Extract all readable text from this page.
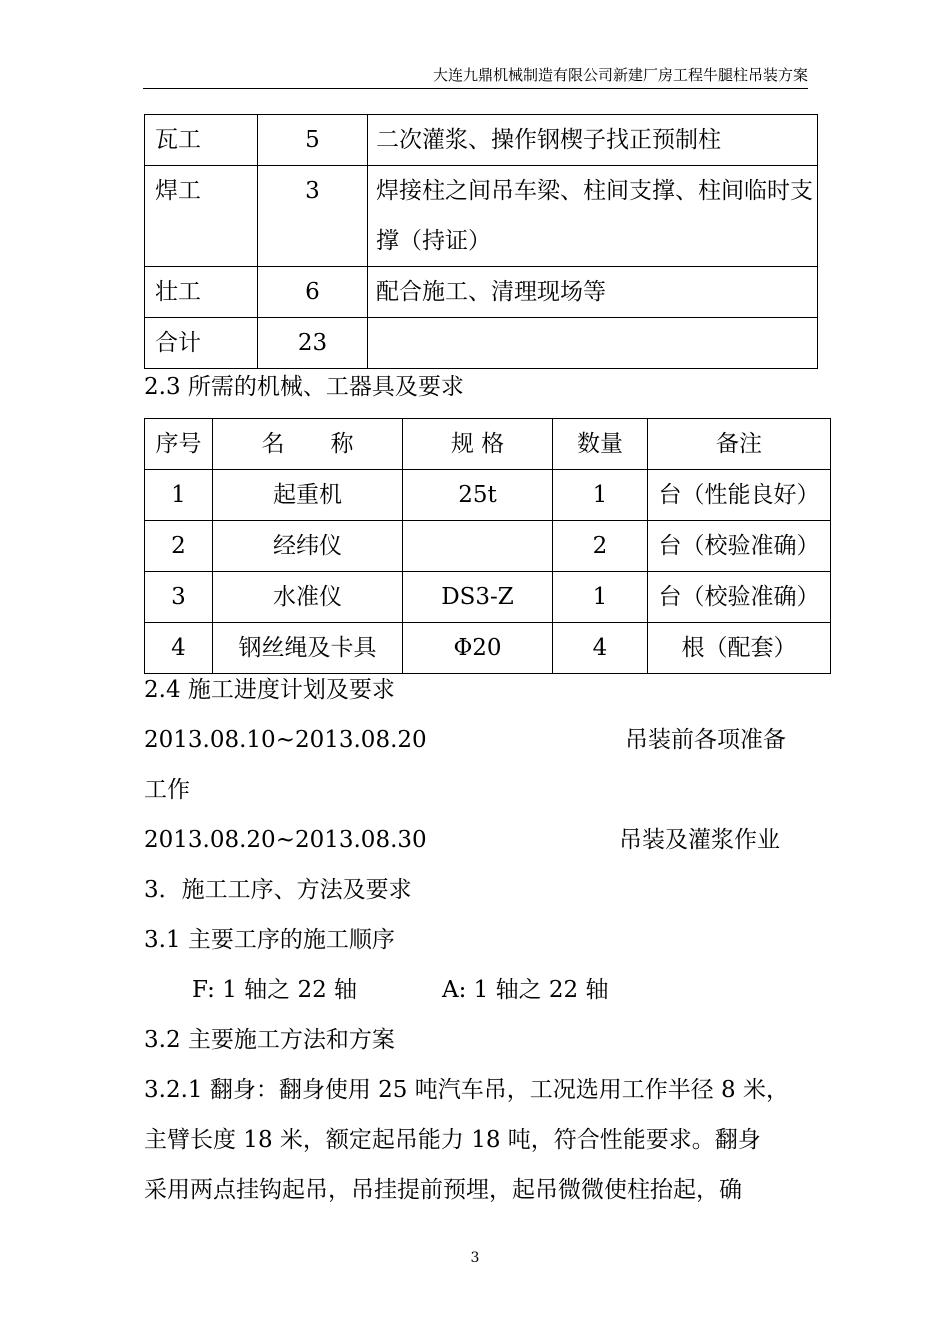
大连九鼎机械制造有限公司新建厂房工程牛腿柱吊装方案
瓦工	5	二次灌浆、操作钢楔子找正预制柱
焊工	3	焊接柱之间吊车梁、柱间支撑、柱间临时支撑（持证）
壮工	6	配合施工、清理现场等
合计	23	
2.3 所需的机械、工器具及要求
序号	名　　称	规 格	数量	备注
1	起重机	25t	1	台（性能良好）
2	经纬仪		2	台（校验准确）
3	水准仪	DS3-Z	1	台（校验准确）
4	钢丝绳及卡具	Φ20	4	根（配套）
2.4 施工进度计划及要求
2013.08.10~2013.08.20	吊装前各项准备
工作
2013.08.20~2013.08.30	吊装及灌浆作业
3．施工工序、方法及要求
3.1 主要工序的施工顺序
F: 1 轴之 22 轴	A: 1 轴之 22 轴
3.2 主要施工方法和方案
3.2.1 翻身：翻身使用 25 吨汽车吊，工况选用工作半径 8 米，
主臂长度 18 米，额定起吊能力 18 吨，符合性能要求。翻身
采用两点挂钩起吊，吊挂提前预埋，起吊微微使柱抬起，确
3
